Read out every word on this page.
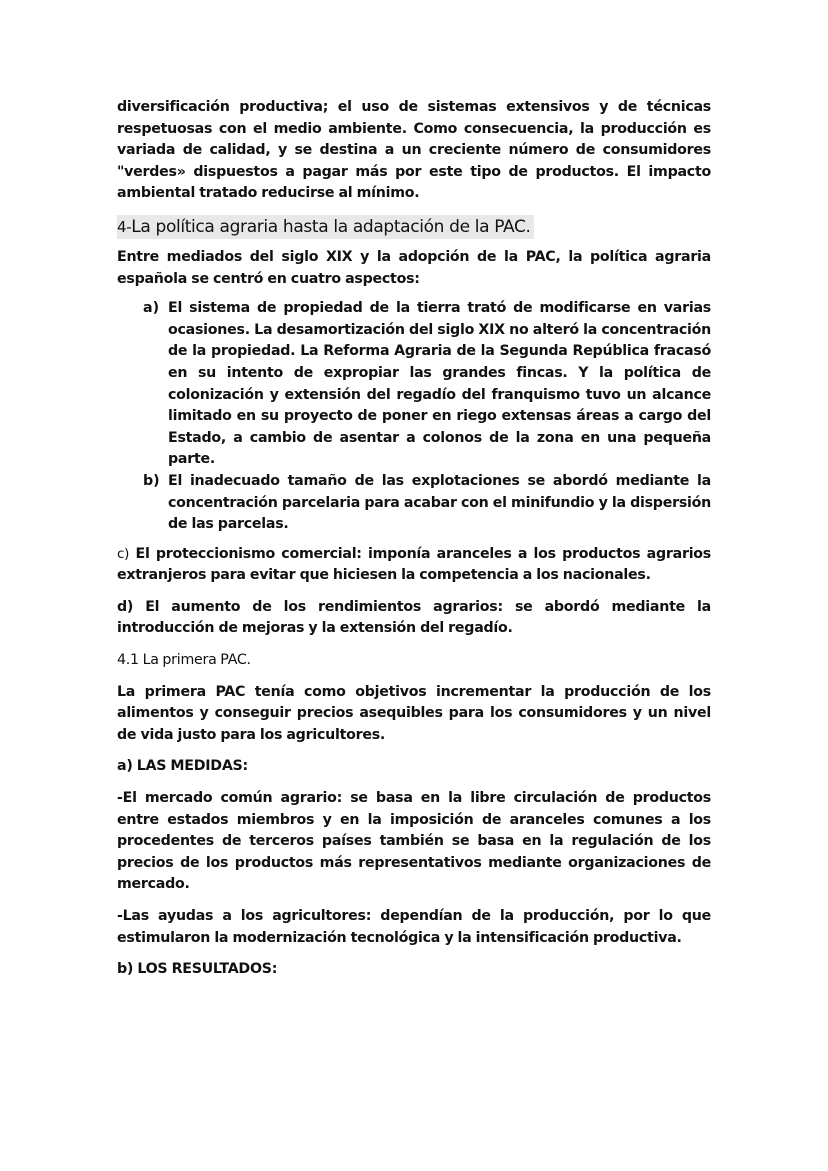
diversificación productiva; el uso de sistemas extensivos y de técnicas respetuosas con el medio ambiente. Como consecuencia, la producción es variada de calidad, y se destina a un creciente número de consumidores "verdes» dispuestos a pagar más por este tipo de productos. El impacto ambiental tratado reducirse al mínimo.

4-La política agraria hasta la adaptación de la PAC.

Entre mediados del siglo XIX y la adopción de la PAC, la política agraria española se centró en cuatro aspectos:

a) El sistema de propiedad de la tierra trató de modificarse en varias ocasiones. La desamortización del siglo XIX no alteró la concentración de la propiedad. La Reforma Agraria de la Segunda República fracasó en su intento de expropiar las grandes fincas. Y la política de colonización y extensión del regadío del franquismo tuvo un alcance limitado en su proyecto de poner en riego extensas áreas a cargo del Estado, a cambio de asentar a colonos de la zona en una pequeña parte.

b) El inadecuado tamaño de las explotaciones se abordó mediante la concentración parcelaria para acabar con el minifundio y la dispersión de las parcelas.

c) El proteccionismo comercial: imponía aranceles a los productos agrarios extranjeros para evitar que hiciesen la competencia a los nacionales.

d) El aumento de los rendimientos agrarios: se abordó mediante la introducción de mejoras y la extensión del regadío.

4.1 La primera PAC.

La primera PAC tenía como objetivos incrementar la producción de los alimentos y conseguir precios asequibles para los consumidores y un nivel de vida justo para los agricultores.

a) LAS MEDIDAS:

-El mercado común agrario: se basa en la libre circulación de productos entre estados miembros y en la imposición de aranceles comunes a los procedentes de terceros países también se basa en la regulación de los precios de los productos más representativos mediante organizaciones de mercado.

-Las ayudas a los agricultores: dependían de la producción, por lo que estimularon la modernización tecnológica y la intensificación productiva.

b) LOS RESULTADOS:
